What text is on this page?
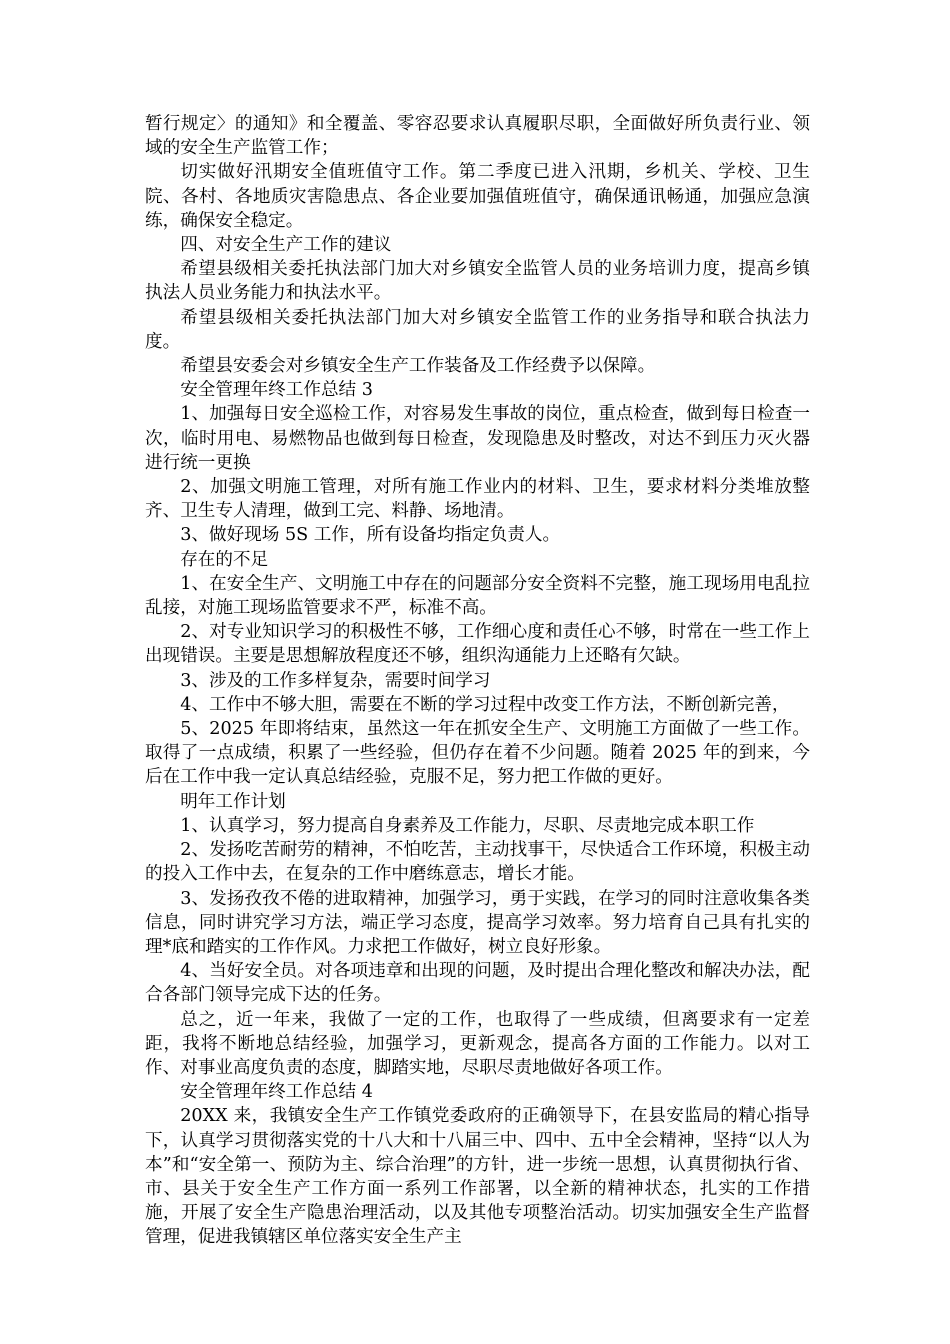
暂行规定〉的通知》和全覆盖、零容忍要求认真履职尽职，全面做好所负责行业、领域的安全生产监管工作；

切实做好汛期安全值班值守工作。第二季度已进入汛期，乡机关、学校、卫生院、各村、各地质灾害隐患点、各企业要加强值班值守，确保通讯畅通，加强应急演练，确保安全稳定。

四、对安全生产工作的建议

希望县级相关委托执法部门加大对乡镇安全监管人员的业务培训力度，提高乡镇执法人员业务能力和执法水平。

希望县级相关委托执法部门加大对乡镇安全监管工作的业务指导和联合执法力度。

希望县安委会对乡镇安全生产工作装备及工作经费予以保障。

安全管理年终工作总结 3

1、加强每日安全巡检工作，对容易发生事故的岗位，重点检查，做到每日检查一次，临时用电、易燃物品也做到每日检查，发现隐患及时整改，对达不到压力灭火器进行统一更换

2、加强文明施工管理，对所有施工作业内的材料、卫生，要求材料分类堆放整齐、卫生专人清理，做到工完、料静、场地清。

3、做好现场 5S 工作，所有设备均指定负责人。

存在的不足

1、在安全生产、文明施工中存在的问题部分安全资料不完整，施工现场用电乱拉乱接，对施工现场监管要求不严，标准不高。

2、对专业知识学习的积极性不够，工作细心度和责任心不够，时常在一些工作上出现错误。主要是思想解放程度还不够，组织沟通能力上还略有欠缺。

3、涉及的工作多样复杂，需要时间学习

4、工作中不够大胆，需要在不断的学习过程中改变工作方法，不断创新完善，

5、2025 年即将结束，虽然这一年在抓安全生产、文明施工方面做了一些工作。取得了一点成绩，积累了一些经验，但仍存在着不少问题。随着 2025 年的到来，今后在工作中我一定认真总结经验，克服不足，努力把工作做的更好。

明年工作计划

1、认真学习，努力提高自身素养及工作能力，尽职、尽责地完成本职工作

2、发扬吃苦耐劳的精神，不怕吃苦，主动找事干，尽快适合工作环境，积极主动的投入工作中去，在复杂的工作中磨练意志，增长才能。

3、发扬孜孜不倦的进取精神，加强学习，勇于实践，在学习的同时注意收集各类信息，同时讲究学习方法，端正学习态度，提高学习效率。努力培育自己具有扎实的理*底和踏实的工作作风。力求把工作做好，树立良好形象。

4、当好安全员。对各项违章和出现的问题，及时提出合理化整改和解决办法，配合各部门领导完成下达的任务。

总之，近一年来，我做了一定的工作，也取得了一些成绩，但离要求有一定差距，我将不断地总结经验，加强学习，更新观念，提高各方面的工作能力。以对工作、对事业高度负责的态度，脚踏实地，尽职尽责地做好各项工作。

安全管理年终工作总结 4

20XX 来，我镇安全生产工作镇党委政府的正确领导下，在县安监局的精心指导下，认真学习贯彻落实党的十八大和十八届三中、四中、五中全会精神，坚持“以人为本”和“安全第一、预防为主、综合治理”的方针，进一步统一思想，认真贯彻执行省、市、县关于安全生产工作方面一系列工作部署，以全新的精神状态，扎实的工作措施，开展了安全生产隐患治理活动，以及其他专项整治活动。切实加强安全生产监督管理，促进我镇辖区单位落实安全生产主
